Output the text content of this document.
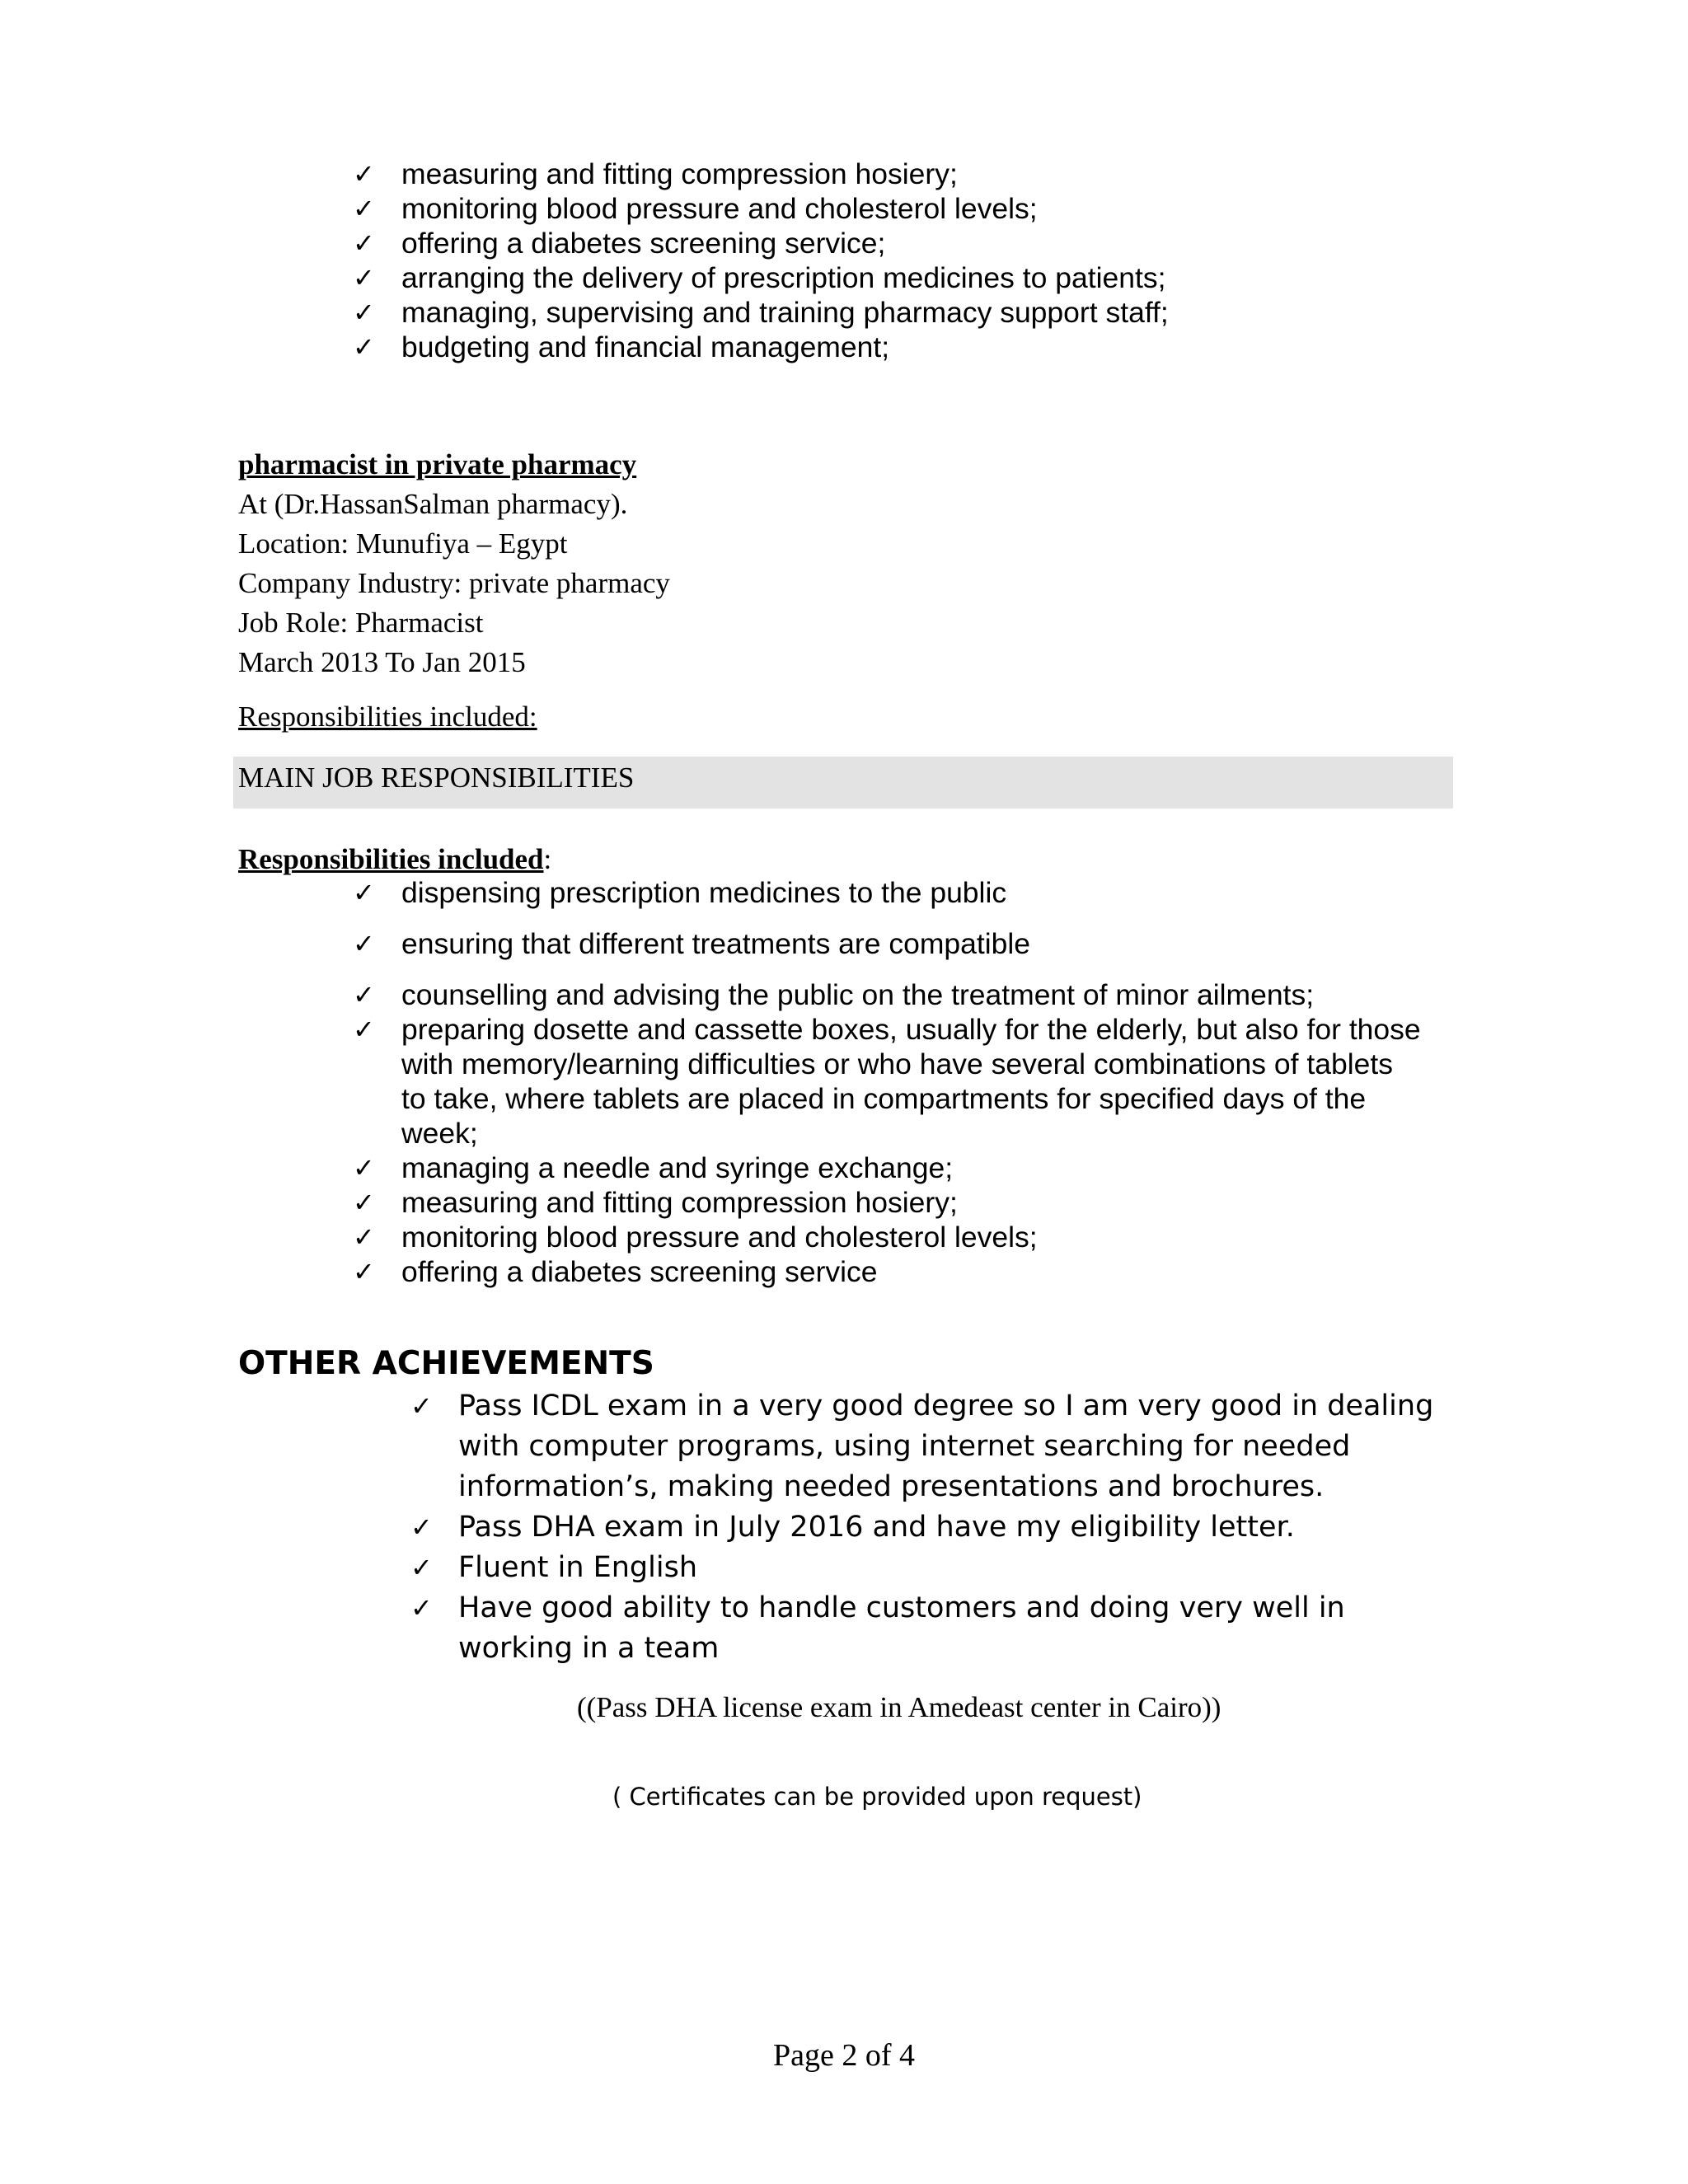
✓ measuring and fitting compression hosiery;
✓ monitoring blood pressure and cholesterol levels;
✓ offering a diabetes screening service;
✓ arranging the delivery of prescription medicines to patients;
✓ managing, supervising and training pharmacy support staff;
✓ budgeting and financial management;
pharmacist in private pharmacy
At (Dr.HassanSalman pharmacy).
Location: Munufiya – Egypt
Company Industry: private pharmacy
Job Role: Pharmacist
March 2013 To Jan 2015
Responsibilities included:
MAIN JOB RESPONSIBILITIES
Responsibilities included:
✓ dispensing prescription medicines to the public
✓ ensuring that different treatments are compatible
✓ counselling and advising the public on the treatment of minor ailments;
✓ preparing dosette and cassette boxes, usually for the elderly, but also for those with memory/learning difficulties or who have several combinations of tablets to take, where tablets are placed in compartments for specified days of the week;
✓ managing a needle and syringe exchange;
✓ measuring and fitting compression hosiery;
✓ monitoring blood pressure and cholesterol levels;
✓ offering a diabetes screening service
OTHER ACHIEVEMENTS
✓ Pass ICDL exam in a very good degree so I am very good in dealing with computer programs, using internet searching for needed information’s, making needed presentations and brochures.
✓ Pass DHA exam in July 2016 and have my eligibility letter.
✓ Fluent in English
✓ Have good ability to handle customers and doing very well in working in a team
((Pass DHA license exam in Amedeast center in Cairo))
( Certificates can be provided upon request)
Page 2 of 4
